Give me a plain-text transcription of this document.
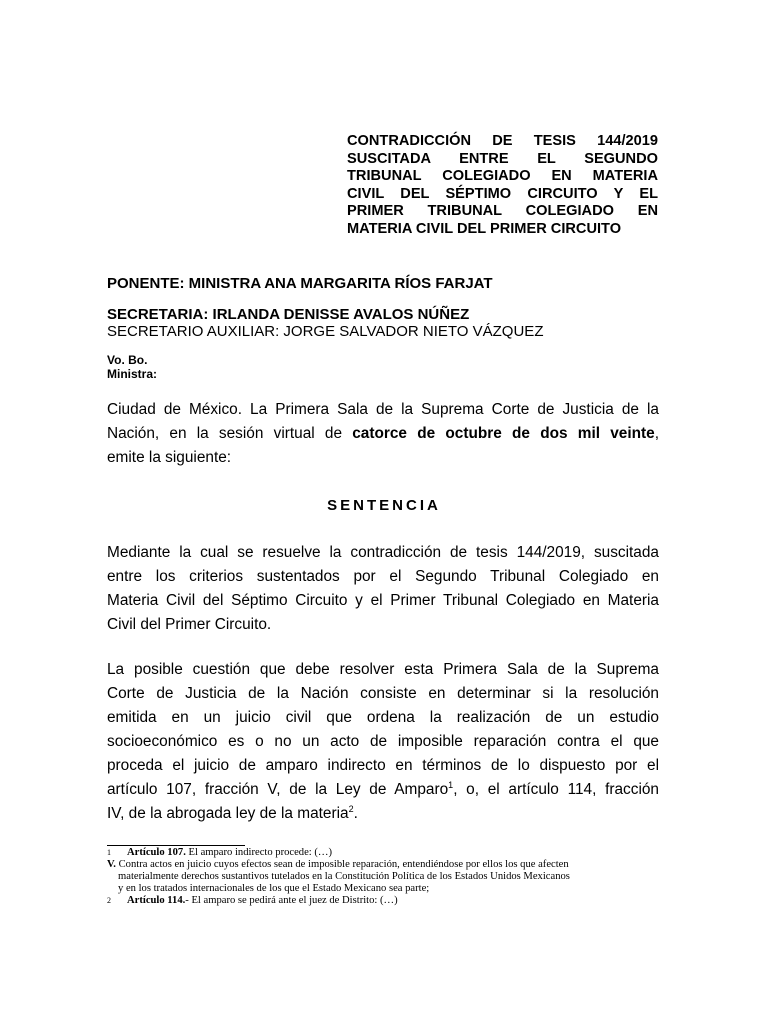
CONTRADICCIÓN DE TESIS 144/2019
SUSCITADA ENTRE EL SEGUNDO
TRIBUNAL COLEGIADO EN MATERIA
CIVIL DEL SÉPTIMO CIRCUITO Y EL
PRIMER TRIBUNAL COLEGIADO EN
MATERIA CIVIL DEL PRIMER CIRCUITO
PONENTE: MINISTRA ANA MARGARITA RÍOS FARJAT
SECRETARIA: IRLANDA DENISSE AVALOS NÚÑEZ
SECRETARIO AUXILIAR: JORGE SALVADOR NIETO VÁZQUEZ
Vo. Bo.
Ministra:
Ciudad de México. La Primera Sala de la Suprema Corte de Justicia de la
Nación, en la sesión virtual de catorce de octubre de dos mil veinte,
emite la siguiente:
SENTENCIA
Mediante la cual se resuelve la contradicción de tesis 144/2019, suscitada
entre los criterios sustentados por el Segundo Tribunal Colegiado en
Materia Civil del Séptimo Circuito y el Primer Tribunal Colegiado en Materia
Civil del Primer Circuito.
La posible cuestión que debe resolver esta Primera Sala de la Suprema
Corte de Justicia de la Nación consiste en determinar si la resolución
emitida en un juicio civil que ordena la realización de un estudio
socioeconómico es o no un acto de imposible reparación contra el que
proceda el juicio de amparo indirecto en términos de lo dispuesto por el
artículo 107, fracción V, de la Ley de Amparo$^1$, o, el artículo 114, fracción
IV, de la abrogada ley de la materia$^2$.
1 Artículo 107. El amparo indirecto procede: (…)
V. Contra actos en juicio cuyos efectos sean de imposible reparación, entendiéndose por ellos los que afecten
materialmente derechos sustantivos tutelados en la Constitución Política de los Estados Unidos Mexicanos
y en los tratados internacionales de los que el Estado Mexicano sea parte;
2 Artículo 114.- El amparo se pedirá ante el juez de Distrito: (…)
